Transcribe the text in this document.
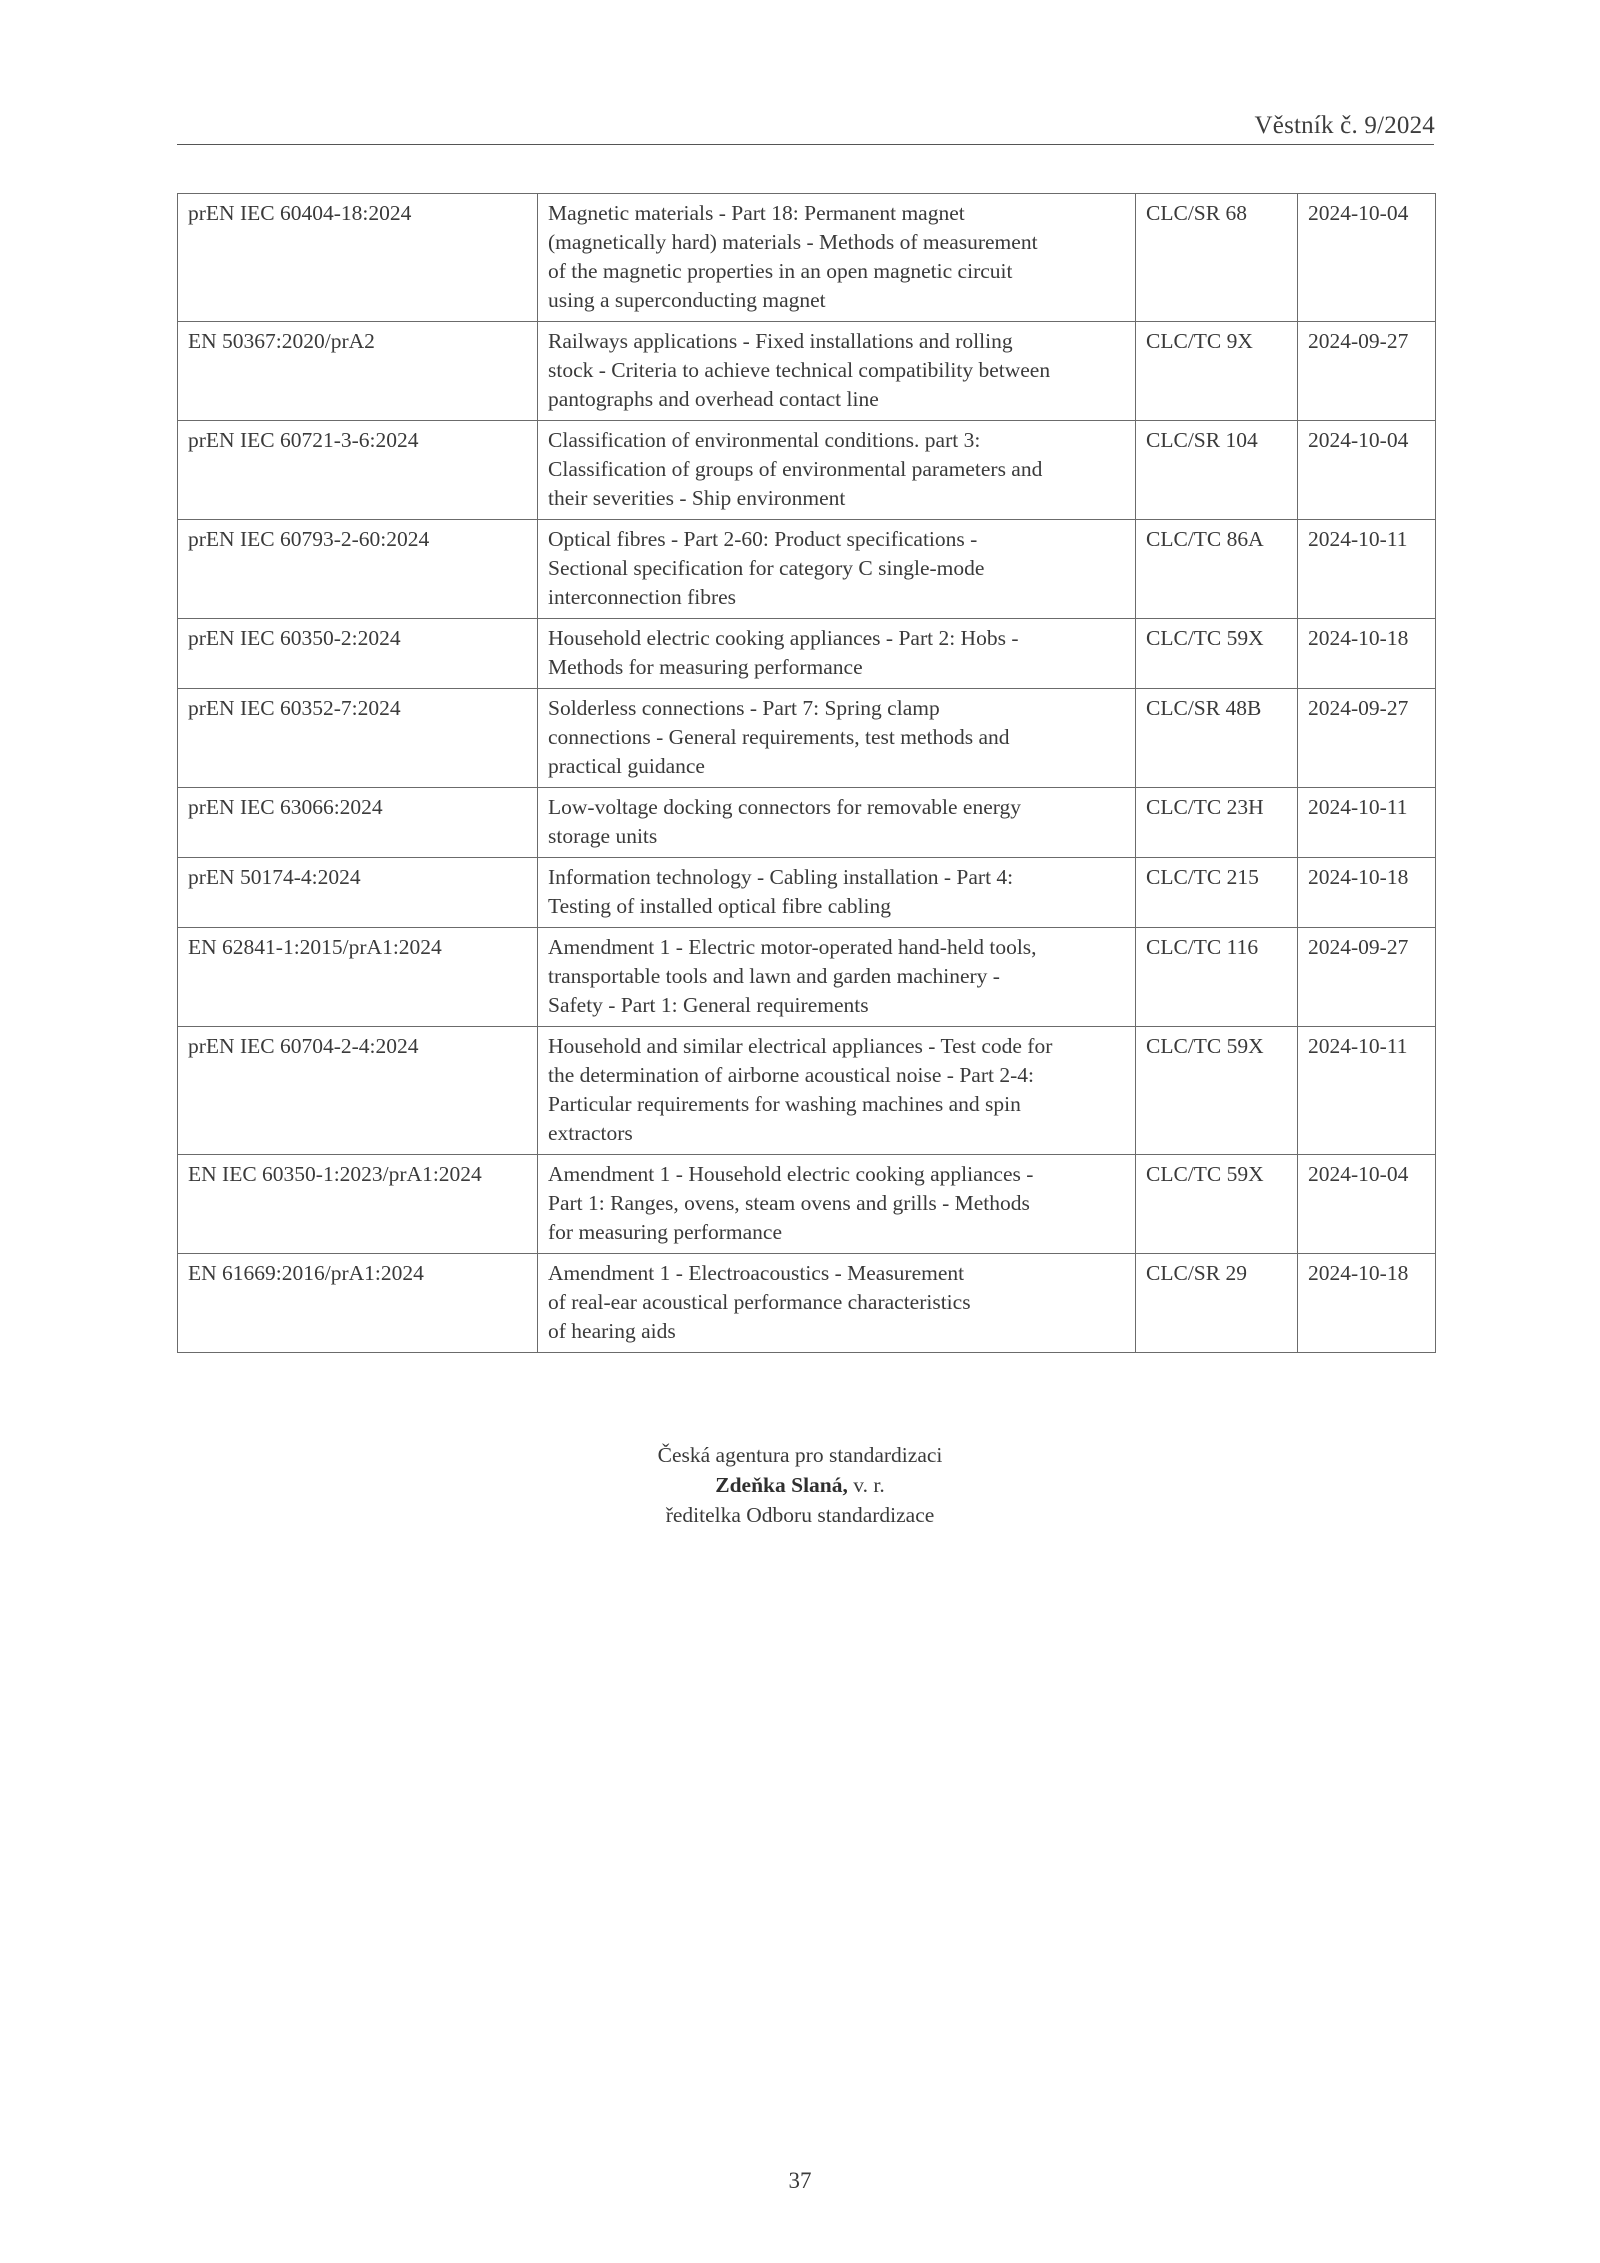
Věstník č. 9/2024
prEN IEC 60404-18:2024	Magnetic materials - Part 18: Permanent magnet
(magnetically hard) materials - Methods of measurement
of the magnetic properties in an open magnetic circuit
using a superconducting magnet	CLC/SR 68	2024-10-04
EN 50367:2020/prA2	Railways applications - Fixed installations and rolling
stock - Criteria to achieve technical compatibility between
pantographs and overhead contact line	CLC/TC 9X	2024-09-27
prEN IEC 60721-3-6:2024	Classification of environmental conditions. part 3:
Classification of groups of environmental parameters and
their severities - Ship environment	CLC/SR 104	2024-10-04
prEN IEC 60793-2-60:2024	Optical fibres - Part 2-60: Product specifications -
Sectional specification for category C single-mode
interconnection fibres	CLC/TC 86A	2024-10-11
prEN IEC 60350-2:2024	Household electric cooking appliances - Part 2: Hobs -
Methods for measuring performance	CLC/TC 59X	2024-10-18
prEN IEC 60352-7:2024	Solderless connections - Part 7: Spring clamp
connections - General requirements, test methods and
practical guidance	CLC/SR 48B	2024-09-27
prEN IEC 63066:2024	Low-voltage docking connectors for removable energy
storage units	CLC/TC 23H	2024-10-11
prEN 50174-4:2024	Information technology - Cabling installation - Part 4:
Testing of installed optical fibre cabling	CLC/TC 215	2024-10-18
EN 62841-1:2015/prA1:2024	Amendment 1 - Electric motor-operated hand-held tools,
transportable tools and lawn and garden machinery -
Safety - Part 1: General requirements	CLC/TC 116	2024-09-27
prEN IEC 60704-2-4:2024	Household and similar electrical appliances - Test code for
the determination of airborne acoustical noise - Part 2-4:
Particular requirements for washing machines and spin
extractors	CLC/TC 59X	2024-10-11
EN IEC 60350-1:2023/prA1:2024	Amendment 1 - Household electric cooking appliances -
Part 1: Ranges, ovens, steam ovens and grills - Methods
for measuring performance	CLC/TC 59X	2024-10-04
EN 61669:2016/prA1:2024	Amendment 1 - Electroacoustics - Measurement
of real-ear acoustical performance characteristics
of hearing aids	CLC/SR 29	2024-10-18
Česká agentura pro standardizaci
Zdeňka Slaná, v. r.
ředitelka Odboru standardizace
37
